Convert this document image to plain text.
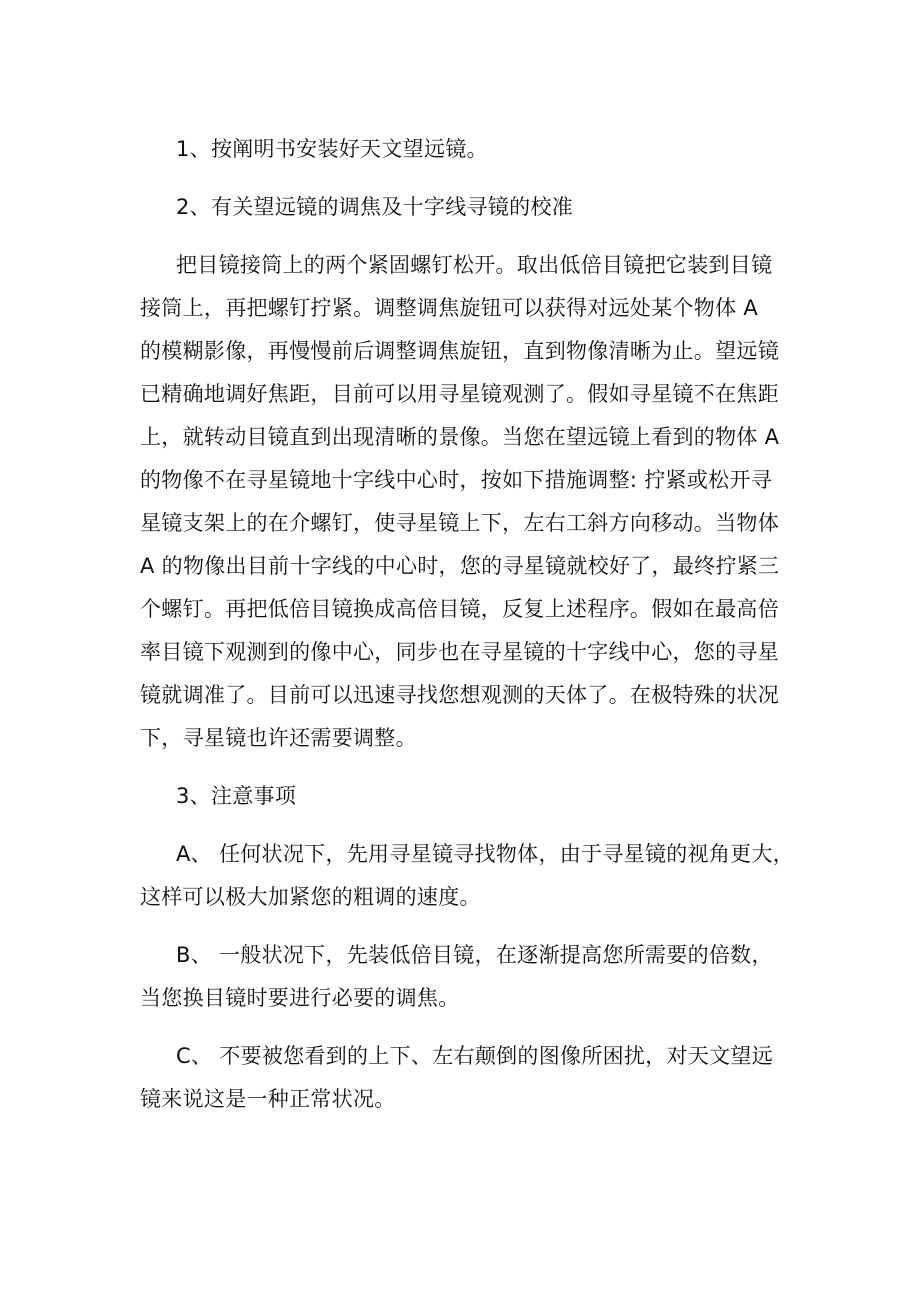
1、按阐明书安装好天文望远镜。
2、有关望远镜的调焦及十字线寻镜的校准
把目镜接筒上的两个紧固螺钉松开。取出低倍目镜把它装到目镜
接筒上，再把螺钉拧紧。调整调焦旋钮可以获得对远处某个物体 A
的模糊影像，再慢慢前后调整调焦旋钮，直到物像清晰为止。望远镜
已精确地调好焦距，目前可以用寻星镜观测了。假如寻星镜不在焦距
上，就转动目镜直到出现清晰的景像。当您在望远镜上看到的物体 A
的物像不在寻星镜地十字线中心时，按如下措施调整: 拧紧或松开寻
星镜支架上的在介螺钉，使寻星镜上下，左右工斜方向移动。当物体
A 的物像出目前十字线的中心时，您的寻星镜就校好了，最终拧紧三
个螺钉。再把低倍目镜换成高倍目镜，反复上述程序。假如在最高倍
率目镜下观测到的像中心，同步也在寻星镜的十字线中心，您的寻星
镜就调准了。目前可以迅速寻找您想观测的天体了。在极特殊的状况
下，寻星镜也许还需要调整。
3、注意事项
A、 任何状况下，先用寻星镜寻找物体，由于寻星镜的视角更大，
这样可以极大加紧您的粗调的速度。
B、 一般状况下，先装低倍目镜，在逐渐提高您所需要的倍数，
当您换目镜时要进行必要的调焦。
C、 不要被您看到的上下、左右颠倒的图像所困扰，对天文望远
镜来说这是一种正常状况。
